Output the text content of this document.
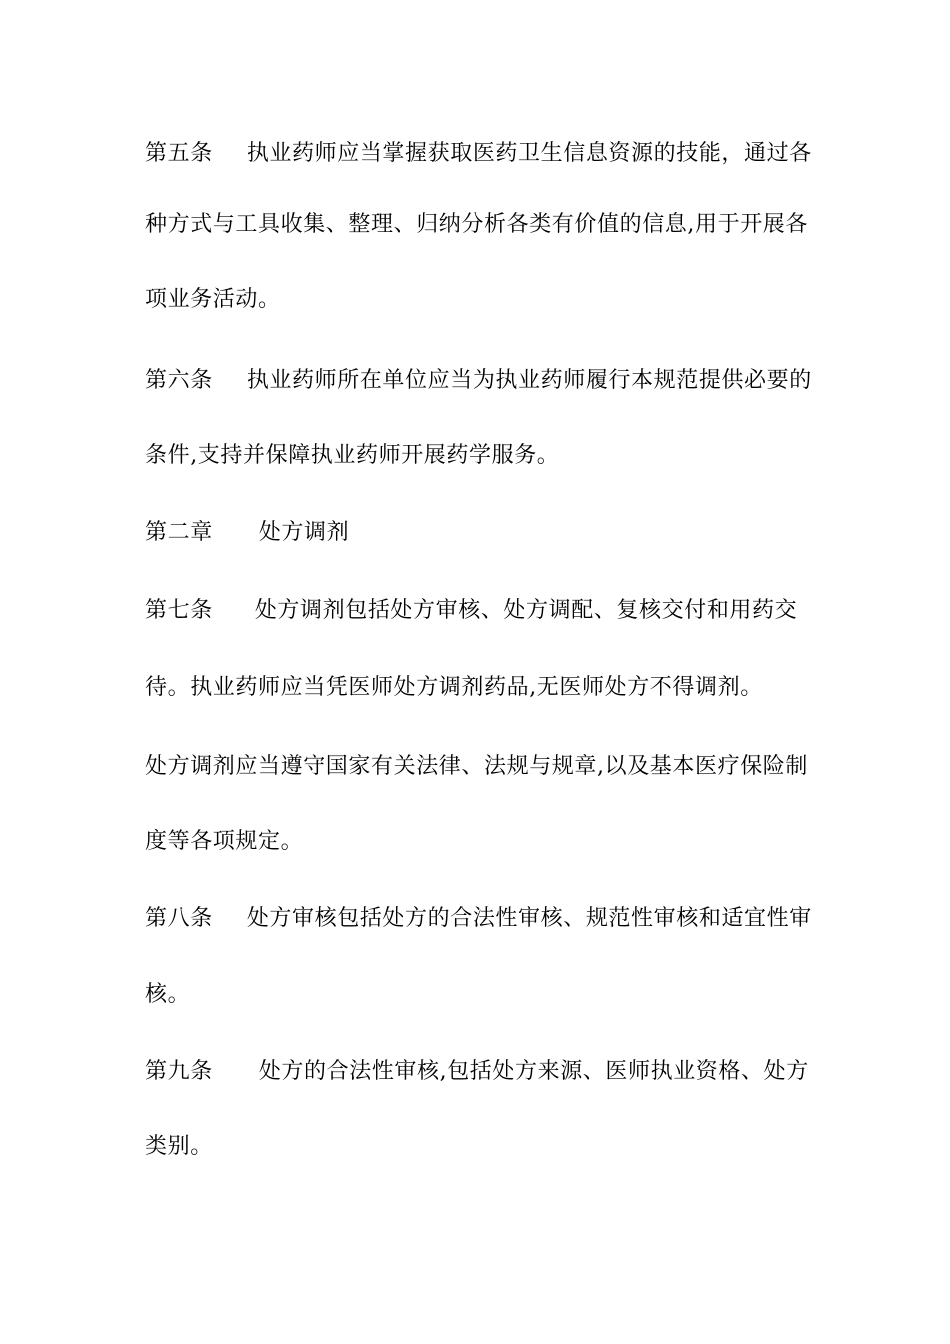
第五条 执业药师应当掌握获取医药卫生信息资源的技能，通过各
种方式与工具收集、整理、归纳分析各类有价值的信息,用于开展各
项业务活动。
第六条 执业药师所在单位应当为执业药师履行本规范提供必要的
条件,支持并保障执业药师开展药学服务。
第二章 处方调剂
第七条 处方调剂包括处方审核、处方调配、复核交付和用药交
待。执业药师应当凭医师处方调剂药品,无医师处方不得调剂。
处方调剂应当遵守国家有关法律、法规与规章,以及基本医疗保险制
度等各项规定。
第八条 处方审核包括处方的合法性审核、规范性审核和适宜性审
核。
第九条 处方的合法性审核,包括处方来源、医师执业资格、处方
类别。
